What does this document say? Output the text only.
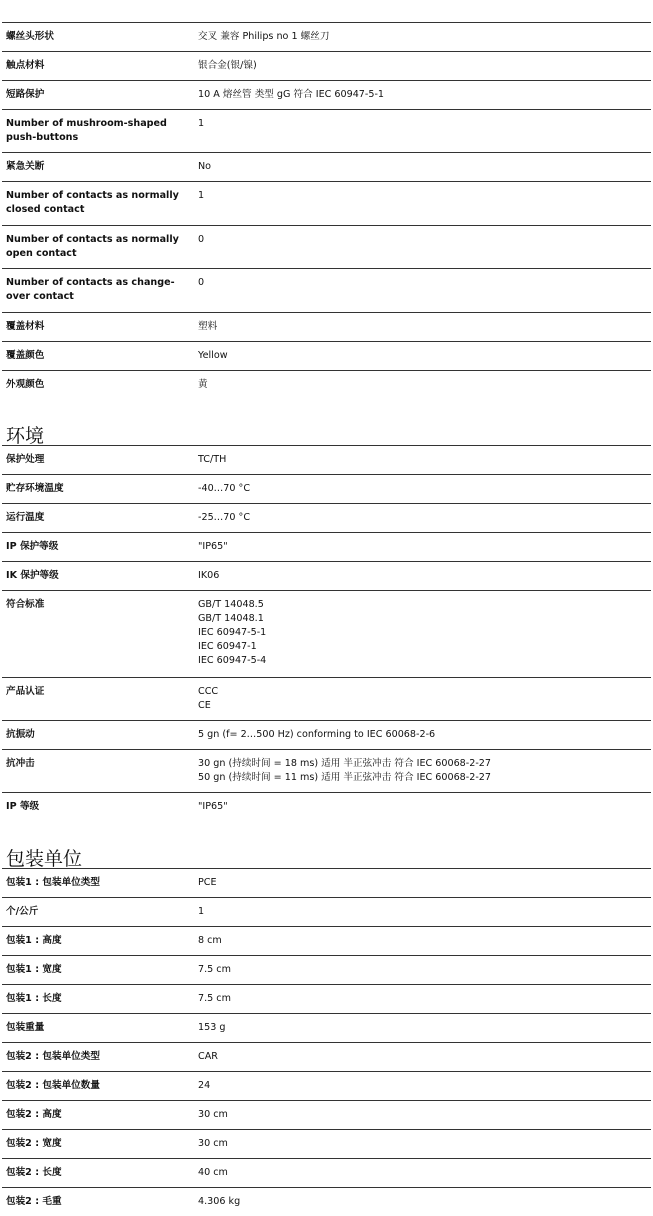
螺丝头形状	交叉 兼容 Philips no 1 螺丝刀

触点材料	银合金(银/镍)

短路保护	10 A 熔丝管 类型 gG 符合 IEC 60947-5-1

Number of mushroom-shaped push-buttons	1

紧急关断	No

Number of contacts as normally closed contact	1

Number of contacts as normally open contact	0

Number of contacts as change-over contact	0

覆盖材料	塑料

覆盖颜色	Yellow

外观颜色	黄
环境
保护处理	TC/TH

贮存环境温度	-40…70 °C

运行温度	-25…70 °C

IP 保护等级	"IP65"

IK 保护等级	IK06

符合标准	GB/T 14048.5
GB/T 14048.1
IEC 60947-5-1
IEC 60947-1
IEC 60947-5-4

产品认证	CCC
CE

抗振动	5 gn (f= 2…500 Hz) conforming to IEC 60068-2-6

抗冲击	30 gn (持续时间 = 18 ms) 适用 半正弦冲击 符合 IEC 60068-2-27
50 gn (持续时间 = 11 ms) 适用 半正弦冲击 符合 IEC 60068-2-27

IP 等级	"IP65"
包装单位
包装1 : 包装单位类型	PCE

个/公斤	1

包装1 : 高度	8 cm

包装1 : 宽度	7.5 cm

包装1 : 长度	7.5 cm

包装重量	153 g

包装2 : 包装单位类型	CAR

包装2 : 包装单位数量	24

包装2 : 高度	30 cm

包装2 : 宽度	30 cm

包装2 : 长度	40 cm

包装2 : 毛重	4.306 kg
